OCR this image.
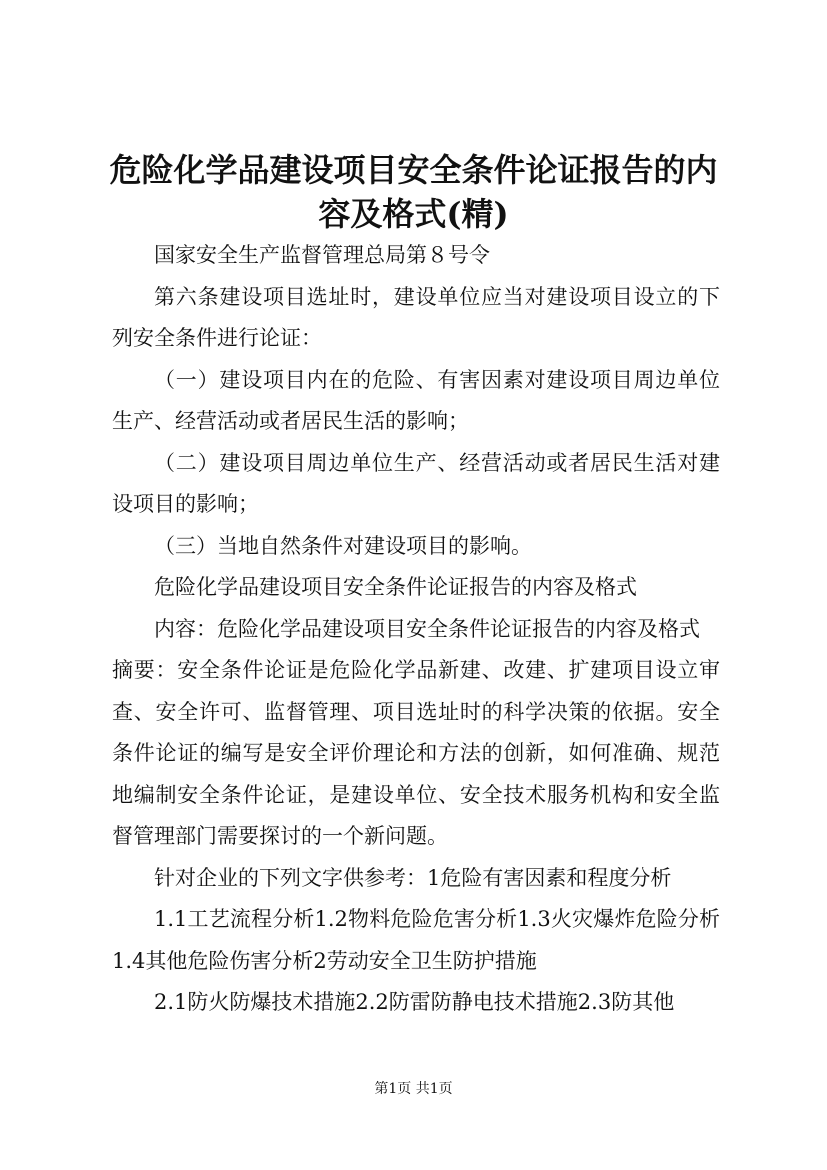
危险化学品建设项目安全条件论证报告的内容及格式(精)

国家安全生产监督管理总局第８号令

第六条建设项目选址时，建设单位应当对建设项目设立的下列安全条件进行论证：

（一）建设项目内在的危险、有害因素对建设项目周边单位生产、经营活动或者居民生活的影响；

（二）建设项目周边单位生产、经营活动或者居民生活对建设项目的影响；

（三）当地自然条件对建设项目的影响。

危险化学品建设项目安全条件论证报告的内容及格式

内容：危险化学品建设项目安全条件论证报告的内容及格式

摘要：安全条件论证是危险化学品新建、改建、扩建项目设立审查、安全许可、监督管理、项目选址时的科学决策的依据。安全条件论证的编写是安全评价理论和方法的创新，如何准确、规范地编制安全条件论证，是建设单位、安全技术服务机构和安全监督管理部门需要探讨的一个新问题。

针对企业的下列文字供参考：1危险有害因素和程度分析

1.1工艺流程分析1.2物料危险危害分析1.3火灾爆炸危险分析1.4其他危险伤害分析2劳动安全卫生防护措施

2.1防火防爆技术措施2.2防雷防静电技术措施2.3防其他

第1页 共1页
